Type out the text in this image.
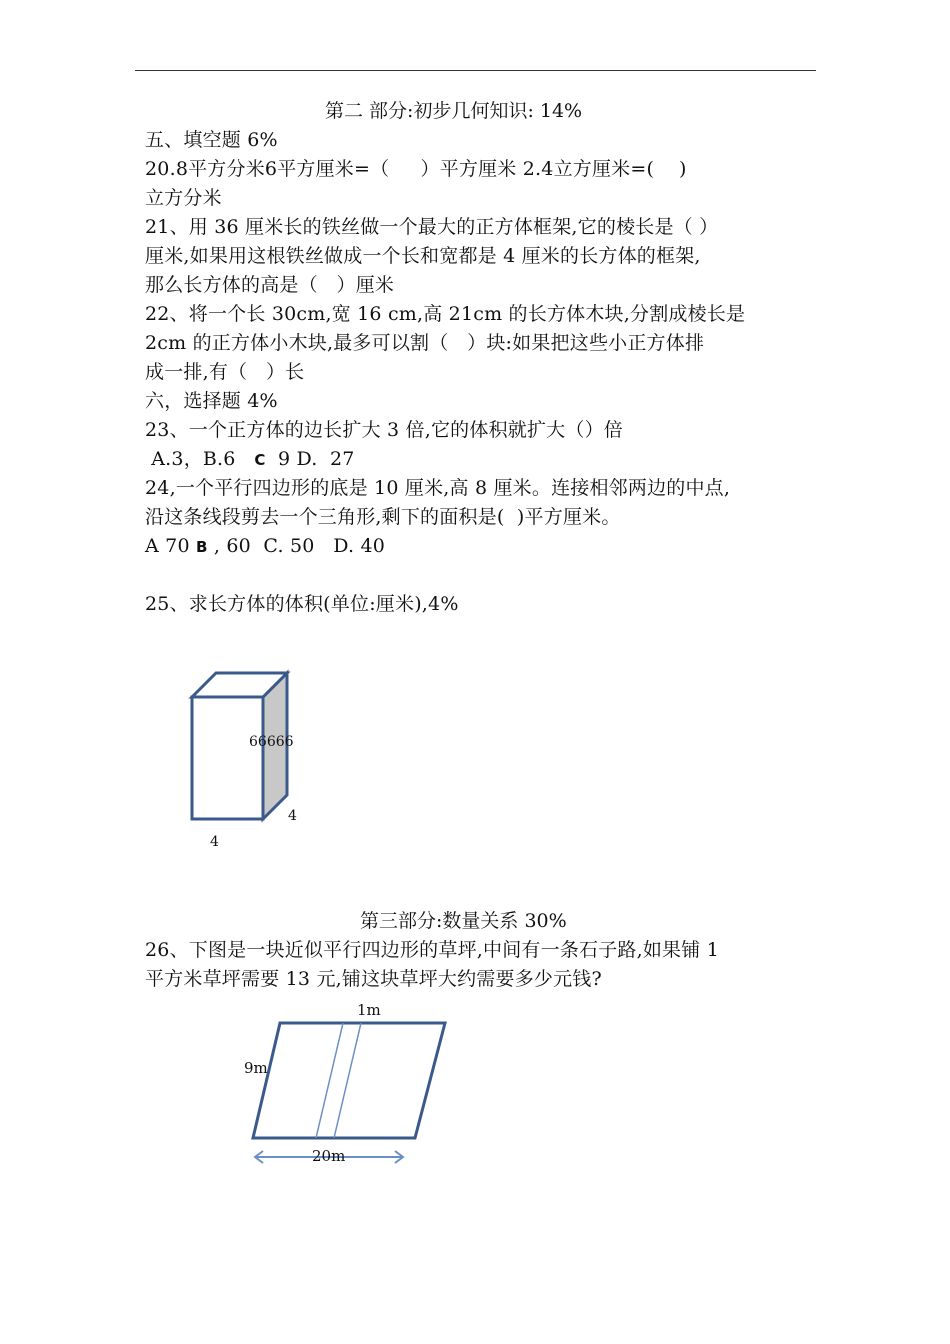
第二 部分:初步几何知识: 14%
五、填空题 6%
20.8平方分米6平方厘米=（     ）平方厘米 2.4立方厘米=(    )
立方分米
21、用 36 厘米长的铁丝做一个最大的正方体框架,它的棱长是（ ）
厘米,如果用这根铁丝做成一个长和宽都是 4 厘米的长方体的框架,
那么长方体的高是（   ）厘米
22、将一个长 30cm,宽 16 cm,高 21cm 的长方体木块,分割成棱长是
2cm 的正方体小木块,最多可以割（   ）块:如果把这些小正方体排
成一排,有（   ）长
六，选择题 4%
23、一个正方体的边长扩大 3 倍,它的体积就扩大（）倍
A.3，B.6   C  9 D.  27
24,一个平行四边形的底是 10 厘米,高 8 厘米。连接相邻两边的中点,
沿这条线段剪去一个三角形,剩下的面积是(  )平方厘米。
A 70 B , 60  C. 50   D. 40
25、求长方体的体积(单位:厘米),4%
66666
4
4
第三部分:数量关系 30%
26、下图是一块近似平行四边形的草坪,中间有一条石子路,如果铺 1
平方米草坪需要 13 元,铺这块草坪大约需要多少元钱?
1m
9m
20m
